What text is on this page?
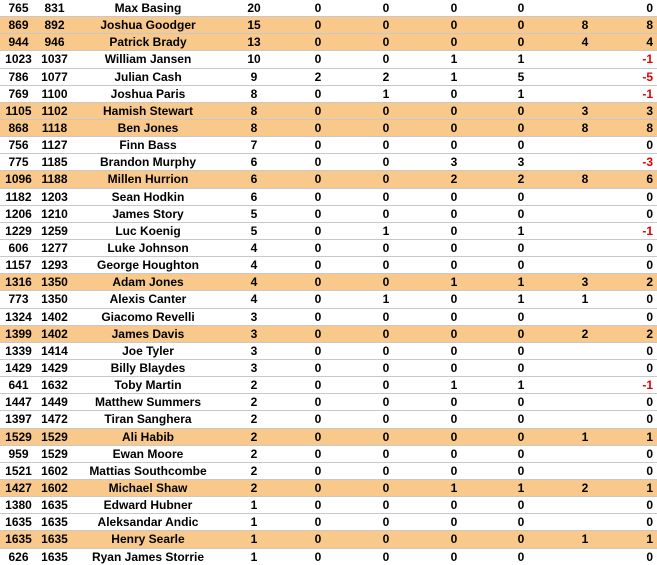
765	831	Max Basing	20	0	0	0	0		0
869	892	Joshua Goodger	15	0	0	0	0	8	8
944	946	Patrick Brady	13	0	0	0	0	4	4
1023	1037	William Jansen	10	0	0	1	1		-1
786	1077	Julian Cash	9	2	2	1	5		-5
769	1100	Joshua Paris	8	0	1	0	1		-1
1105	1102	Hamish Stewart	8	0	0	0	0	3	3
868	1118	Ben Jones	8	0	0	0	0	8	8
756	1127	Finn Bass	7	0	0	0	0		0
775	1185	Brandon Murphy	6	0	0	3	3		-3
1096	1188	Millen Hurrion	6	0	0	2	2	8	6
1182	1203	Sean Hodkin	6	0	0	0	0		0
1206	1210	James Story	5	0	0	0	0		0
1229	1259	Luc Koenig	5	0	1	0	1		-1
606	1277	Luke Johnson	4	0	0	0	0		0
1157	1293	George Houghton	4	0	0	0	0		0
1316	1350	Adam Jones	4	0	0	1	1	3	2
773	1350	Alexis Canter	4	0	1	0	1	1	0
1324	1402	Giacomo Revelli	3	0	0	0	0		0
1399	1402	James Davis	3	0	0	0	0	2	2
1339	1414	Joe Tyler	3	0	0	0	0		0
1429	1429	Billy Blaydes	3	0	0	0	0		0
641	1632	Toby Martin	2	0	0	1	1		-1
1447	1449	Matthew Summers	2	0	0	0	0		0
1397	1472	Tiran Sanghera	2	0	0	0	0		0
1529	1529	Ali Habib	2	0	0	0	0	1	1
959	1529	Ewan Moore	2	0	0	0	0		0
1521	1602	Mattias Southcombe	2	0	0	0	0		0
1427	1602	Michael Shaw	2	0	0	1	1	2	1
1380	1635	Edward Hubner	1	0	0	0	0		0
1635	1635	Aleksandar Andic	1	0	0	0	0		0
1635	1635	Henry Searle	1	0	0	0	0	1	1
626	1635	Ryan James Storrie	1	0	0	0	0		0
